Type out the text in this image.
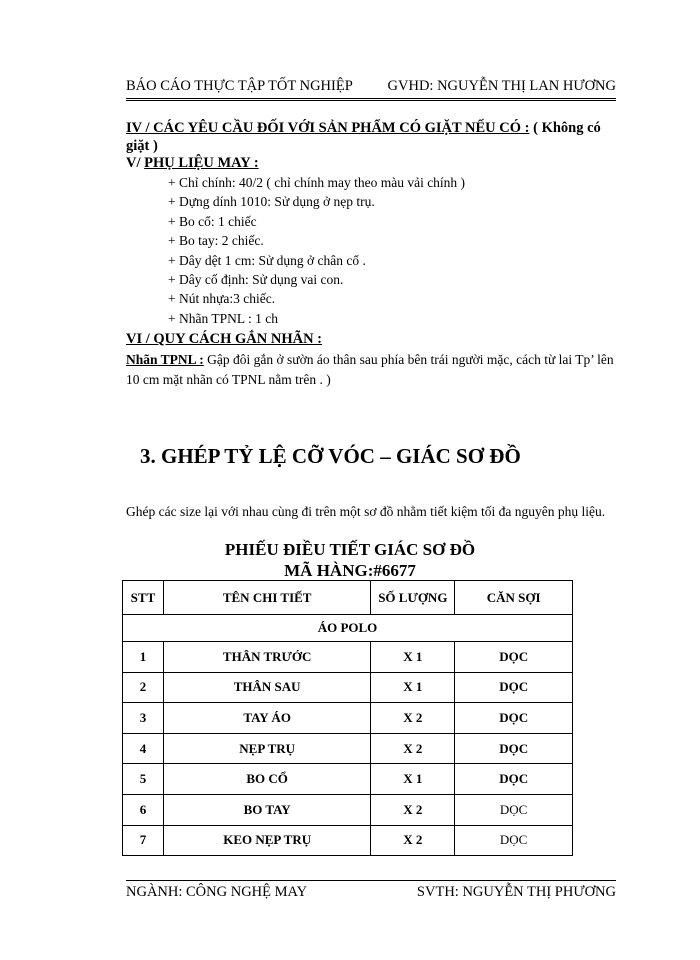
BÁO CÁO THỰC TẬP TỐT NGHIỆP GVHD: NGUYỄN THỊ LAN HƯƠNG
IV / CÁC YÊU CẦU ĐỐI VỚI SẢN PHẨM CÓ GIẶT NẾU CÓ : ( Không có giặt )
V/ PHỤ LIỆU MAY :
+ Chỉ chính: 40/2 ( chỉ chính may theo màu vải chính )
+ Dựng dính 1010: Sử dụng ở nẹp trụ.
+ Bo cổ: 1 chiếc
+ Bo tay: 2 chiếc.
+ Dây dệt 1 cm: Sử dụng ở chân cổ .
+ Dây cố định: Sử dụng vai con.
+ Nút nhựa:3 chiếc.
+ Nhãn TPNL : 1 ch
VI / QUY CÁCH GẮN NHÃN :
Nhãn TPNL : Gập đôi gắn ở sườn áo thân sau phía bên trái người mặc, cách từ lai Tp’ lên 10 cm mặt nhãn có TPNL nằm trên . )
3. GHÉP TỶ LỆ CỠ VÓC – GIÁC SƠ ĐỒ
Ghép các size lại với nhau cùng đi trên một sơ đồ nhằm tiết kiệm tối đa nguyên phụ liệu.
PHIẾU ĐIỀU TIẾT GIÁC SƠ ĐỒ
MÃ HÀNG:#6677
STT	TÊN CHI TIẾT	SỐ LƯỢNG	CĂN SỢI
ÁO POLO			
1	THÂN TRƯỚC	X 1	DỌC
2	THÂN SAU	X 1	DỌC
3	TAY ÁO	X 2	DỌC
4	NẸP TRỤ	X 2	DỌC
5	BO CỔ	X 1	DỌC
6	BO TAY	X 2	DỌC
7	KEO NẸP TRỤ	X 2	DỌC
NGÀNH: CÔNG NGHỆ MAY	SVTH: NGUYỄN THỊ PHƯƠNG
